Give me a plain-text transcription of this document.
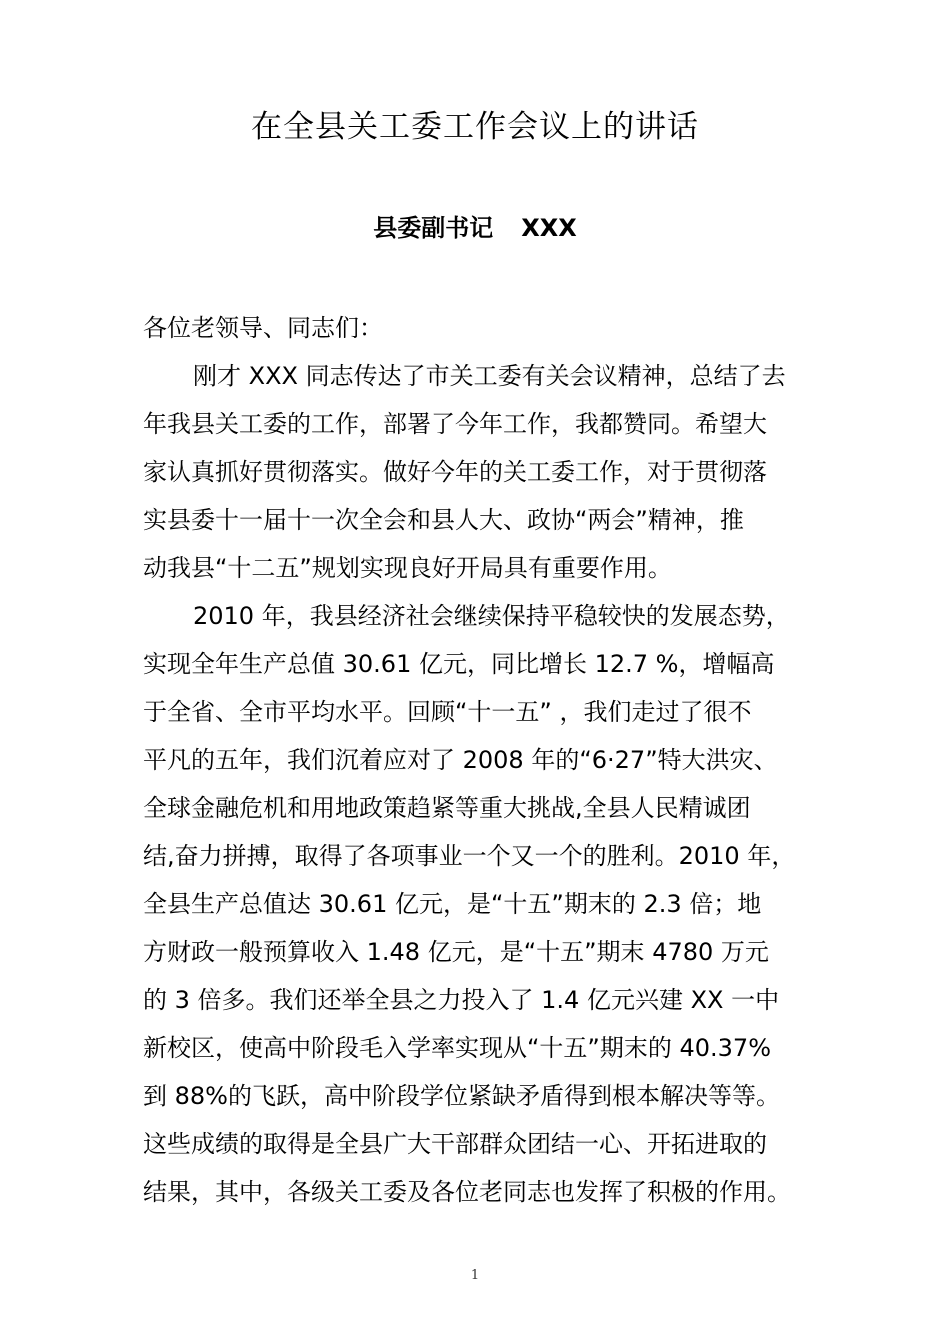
在全县关工委工作会议上的讲话
县委副书记 XXX
各位老领导、同志们：
刚才 XXX 同志传达了市关工委有关会议精神，总结了去
年我县关工委的工作，部署了今年工作，我都赞同。希望大
家认真抓好贯彻落实。做好今年的关工委工作，对于贯彻落
实县委十一届十一次全会和县人大、政协“两会”精神，推
动我县“十二五”规划实现良好开局具有重要作用。
2010 年，我县经济社会继续保持平稳较快的发展态势，
实现全年生产总值 30.61 亿元，同比增长 12.7 %，增幅高
于全省、全市平均水平。回顾“十一五” ，我们走过了很不
平凡的五年，我们沉着应对了 2008 年的“6·27”特大洪灾、
全球金融危机和用地政策趋紧等重大挑战,全县人民精诚团
结,奋力拼搏，取得了各项事业一个又一个的胜利。2010 年，
全县生产总值达 30.61 亿元，是“十五”期末的 2.3 倍；地
方财政一般预算收入 1.48 亿元，是“十五”期末 4780 万元
的 3 倍多。我们还举全县之力投入了 1.4 亿元兴建 XX 一中
新校区，使高中阶段毛入学率实现从“十五”期末的 40.37%
到 88%的飞跃，高中阶段学位紧缺矛盾得到根本解决等等。
这些成绩的取得是全县广大干部群众团结一心、开拓进取的
结果，其中，各级关工委及各位老同志也发挥了积极的作用。
1
